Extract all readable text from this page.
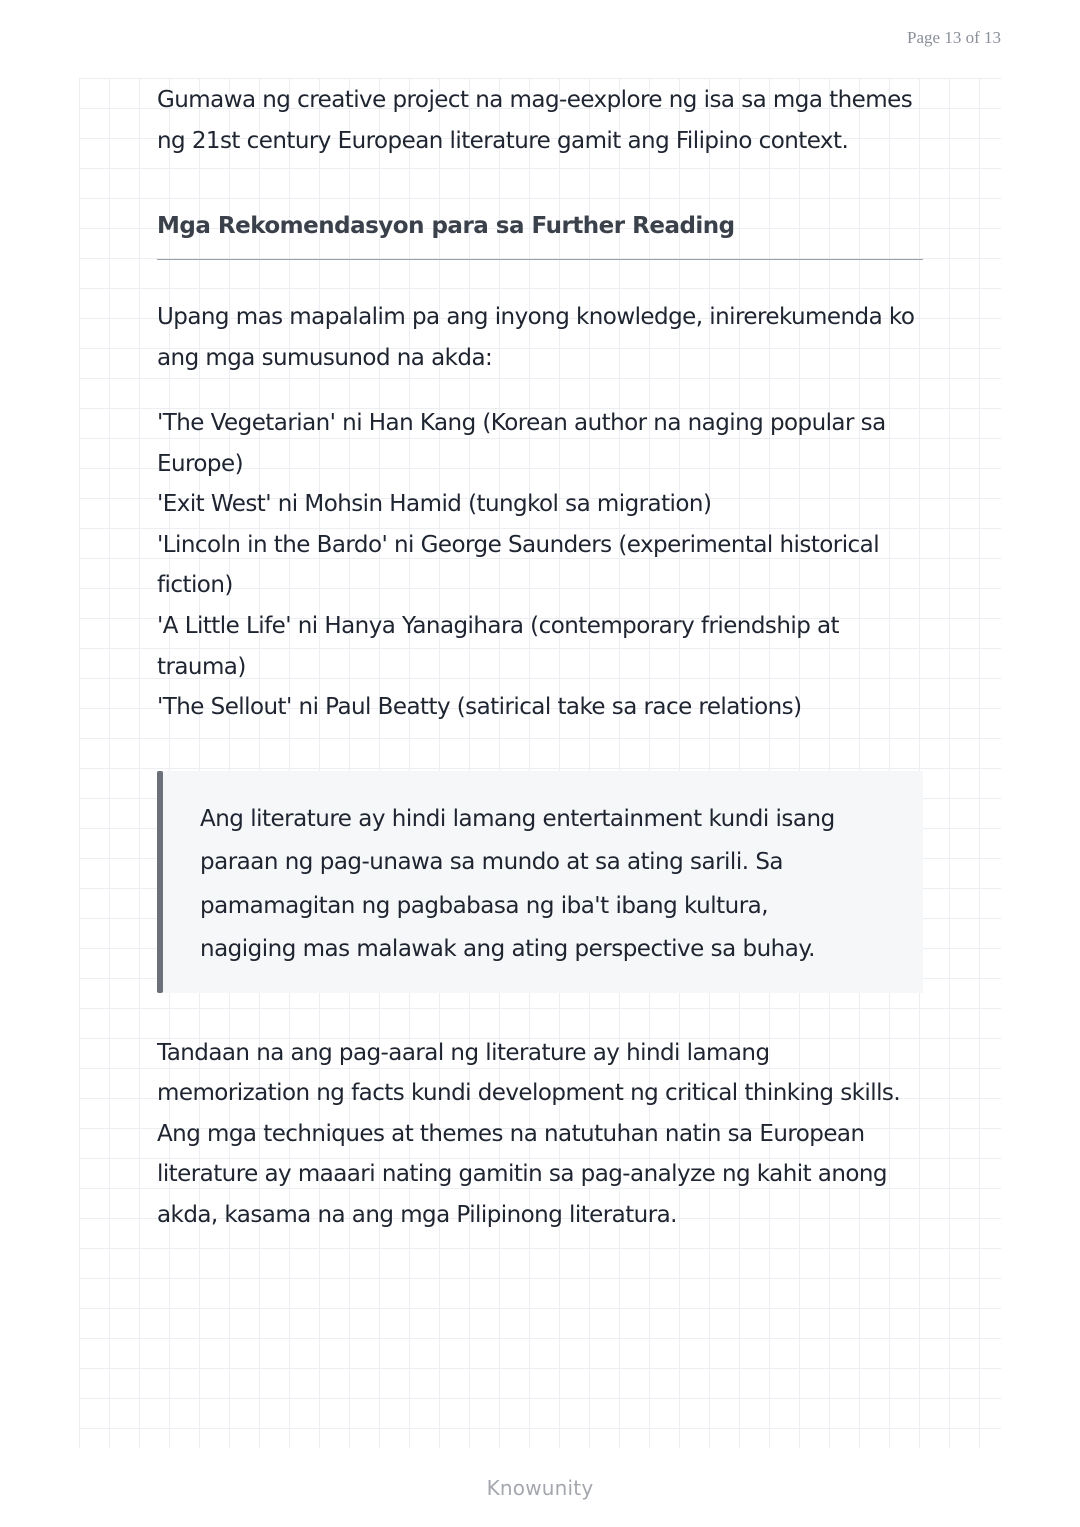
Page 13 of 13

Gumawa ng creative project na mag-eexplore ng isa sa mga themes ng 21st century European literature gamit ang Filipino context.

Mga Rekomendasyon para sa Further Reading

Upang mas mapalalim pa ang inyong knowledge, inirerekumenda ko ang mga sumusunod na akda:

'The Vegetarian' ni Han Kang (Korean author na naging popular sa Europe)
'Exit West' ni Mohsin Hamid (tungkol sa migration)
'Lincoln in the Bardo' ni George Saunders (experimental historical fiction)
'A Little Life' ni Hanya Yanagihara (contemporary friendship at trauma)
'The Sellout' ni Paul Beatty (satirical take sa race relations)

Ang literature ay hindi lamang entertainment kundi isang paraan ng pag-unawa sa mundo at sa ating sarili. Sa pamamagitan ng pagbabasa ng iba't ibang kultura, nagiging mas malawak ang ating perspective sa buhay.

Tandaan na ang pag-aaral ng literature ay hindi lamang memorization ng facts kundi development ng critical thinking skills. Ang mga techniques at themes na natutuhan natin sa European literature ay maaari nating gamitin sa pag-analyze ng kahit anong akda, kasama na ang mga Pilipinong literatura.

Knowunity
